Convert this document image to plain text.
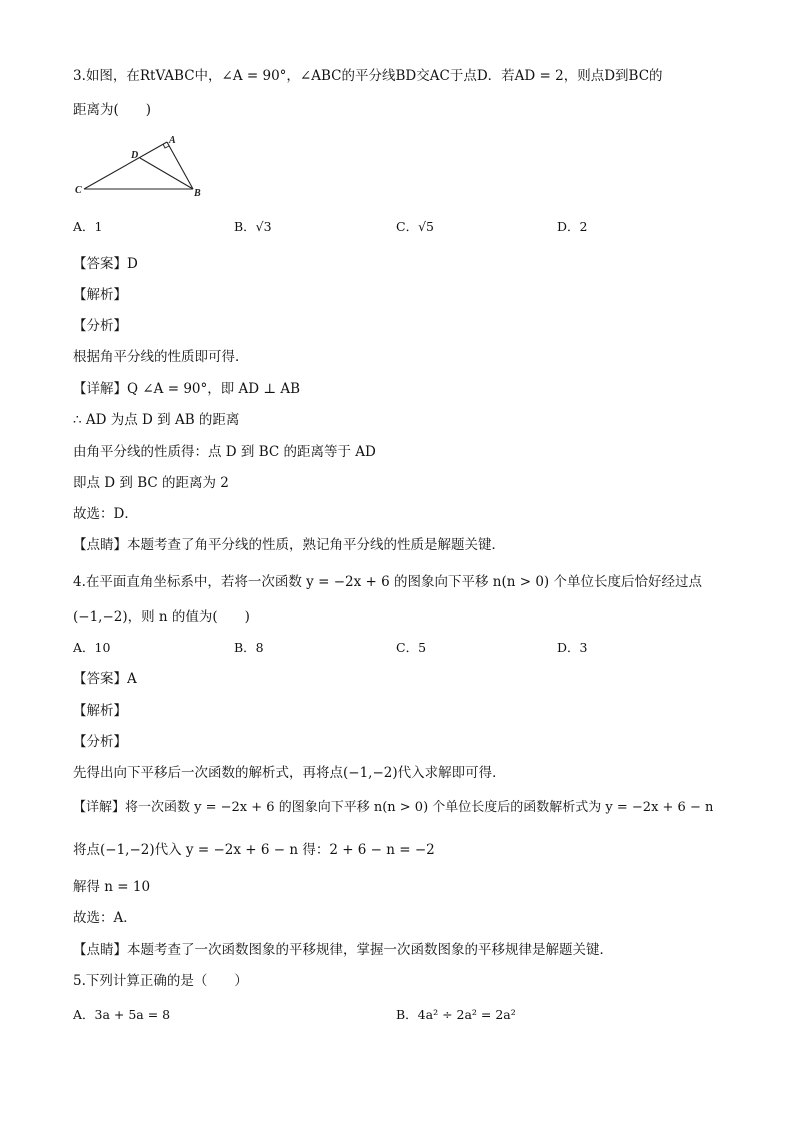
3.如图，在RtVABC中，∠A = 90°，∠ABC的平分线BD交AC于点D．若AD = 2，则点D到BC的
距离为(　　)
A
B
C
D
A．1	B．√3	C．√5	D．2
【答案】D
【解析】
【分析】
根据角平分线的性质即可得．
【详解】Q ∠A = 90°，即 AD ⊥ AB
∴ AD 为点 D 到 AB 的距离
由角平分线的性质得：点 D 到 BC 的距离等于 AD
即点 D 到 BC 的距离为 2
故选：D．
【点睛】本题考查了角平分线的性质，熟记角平分线的性质是解题关键．
4.在平面直角坐标系中，若将一次函数 y = −2x + 6 的图象向下平移 n(n > 0) 个单位长度后恰好经过点
(−1,−2)，则 n 的值为(　　)
A．10	B．8	C．5	D．3
【答案】A
【解析】
【分析】
先得出向下平移后一次函数的解析式，再将点(−1,−2)代入求解即可得．
【详解】将一次函数 y = −2x + 6 的图象向下平移 n(n > 0) 个单位长度后的函数解析式为 y = −2x + 6 − n
将点(−1,−2)代入 y = −2x + 6 − n 得：2 + 6 − n = −2
解得 n = 10
故选：A．
【点睛】本题考查了一次函数图象的平移规律，掌握一次函数图象的平移规律是解题关键．
5.下列计算正确的是（　　）
A．3a + 5a = 8	B．4a² ÷ 2a² = 2a²
